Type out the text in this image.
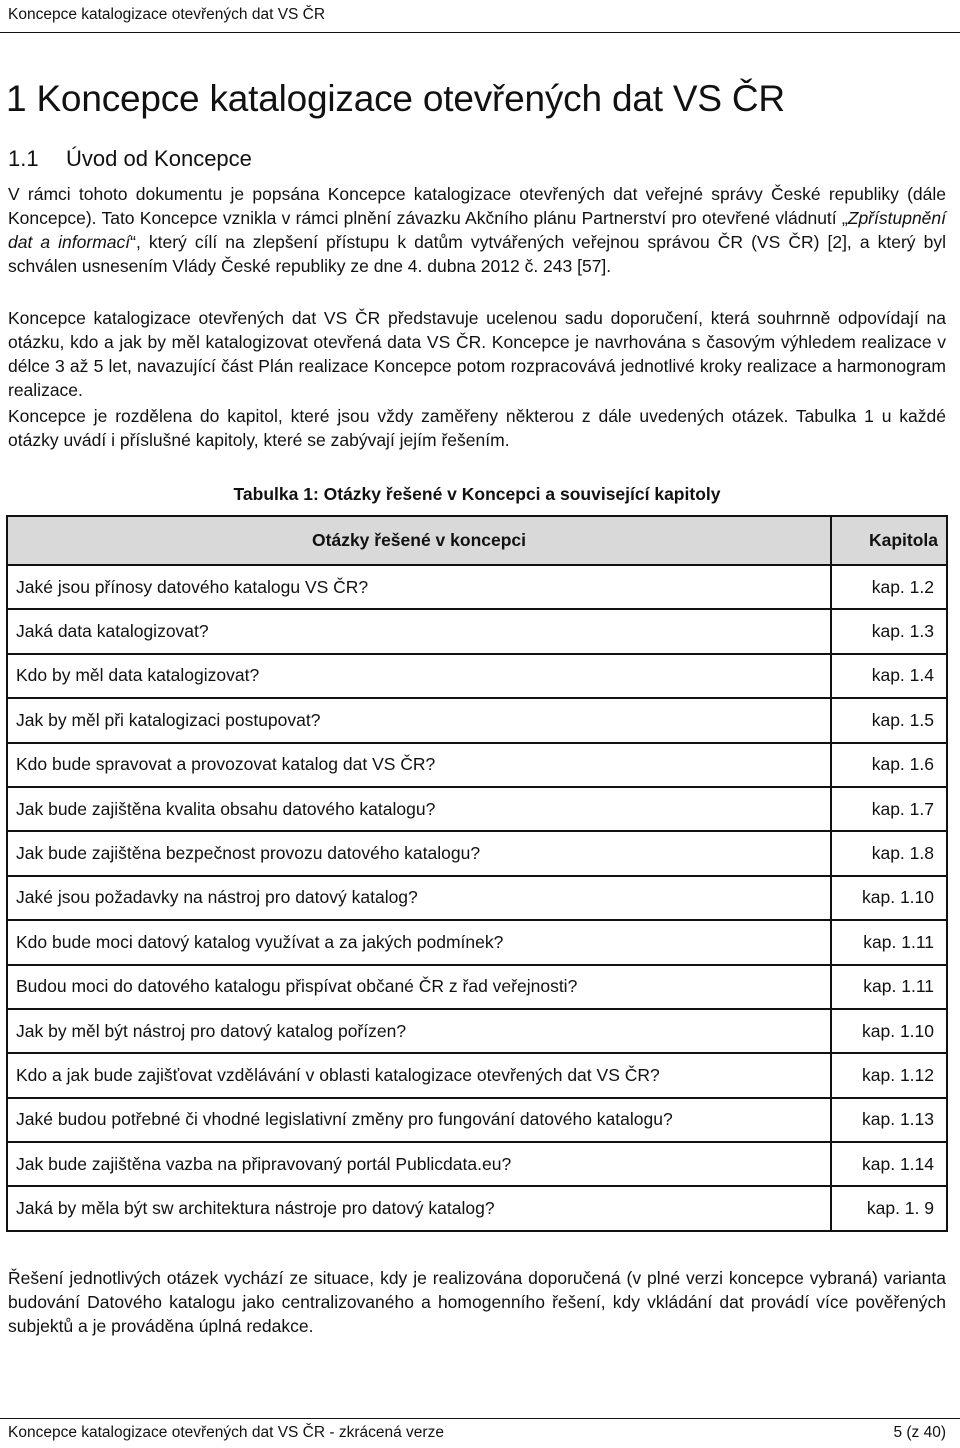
Koncepce katalogizace otevřených dat VS ČR
1 Koncepce katalogizace otevřených dat VS ČR
1.1 Úvod od Koncepce

V rámci tohoto dokumentu je popsána Koncepce katalogizace otevřených dat veřejné správy České republiky (dále Koncepce). Tato Koncepce vznikla v rámci plnění závazku Akčního plánu Partnerství pro otevřené vládnutí „Zpřístupnění dat a informací“, který cílí na zlepšení přístupu k datům vytvářených veřejnou správou ČR (VS ČR) [2], a který byl schválen usnesením Vlády České republiky ze dne 4. dubna 2012 č. 243 [57].

Koncepce katalogizace otevřených dat VS ČR představuje ucelenou sadu doporučení, která souhrnně odpovídají na otázku, kdo a jak by měl katalogizovat otevřená data VS ČR. Koncepce je navrhována s časovým výhledem realizace v délce 3 až 5 let, navazující část Plán realizace Koncepce potom rozpracovává jednotlivé kroky realizace a harmonogram realizace.

Koncepce je rozdělena do kapitol, které jsou vždy zaměřeny některou z dále uvedených otázek. Tabulka 1 u každé otázky uvádí i příslušné kapitoly, které se zabývají jejím řešením.

Tabulka 1: Otázky řešené v Koncepci a související kapitoly
Otázky řešené v koncepci	Kapitola
Jaké jsou přínosy datového katalogu VS ČR?	kap. 1.2
Jaká data katalogizovat?	kap. 1.3
Kdo by měl data katalogizovat?	kap. 1.4
Jak by měl při katalogizaci postupovat?	kap. 1.5
Kdo bude spravovat a provozovat katalog dat VS ČR?	kap. 1.6
Jak bude zajištěna kvalita obsahu datového katalogu?	kap. 1.7
Jak bude zajištěna bezpečnost provozu datového katalogu?	kap. 1.8
Jaké jsou požadavky na nástroj pro datový katalog?	kap. 1.10
Kdo bude moci datový katalog využívat a za jakých podmínek?	kap. 1.11
Budou moci do datového katalogu přispívat občané ČR z řad veřejnosti?	kap. 1.11
Jak by měl být nástroj pro datový katalog pořízen?	kap. 1.10
Kdo a jak bude zajišťovat vzdělávání v oblasti katalogizace otevřených dat VS ČR?	kap. 1.12
Jaké budou potřebné či vhodné legislativní změny pro fungování datového katalogu?	kap. 1.13
Jak bude zajištěna vazba na připravovaný portál Publicdata.eu?	kap. 1.14
Jaká by měla být sw architektura nástroje pro datový katalog?	kap. 1. 9

Řešení jednotlivých otázek vychází ze situace, kdy je realizována doporučená (v plné verzi koncepce vybraná) varianta budování Datového katalogu jako centralizovaného a homogenního řešení, kdy vkládání dat provádí více pověřených subjektů a je prováděna úplná redakce.

Koncepce katalogizace otevřených dat VS ČR - zkrácená verze	5 (z 40)
